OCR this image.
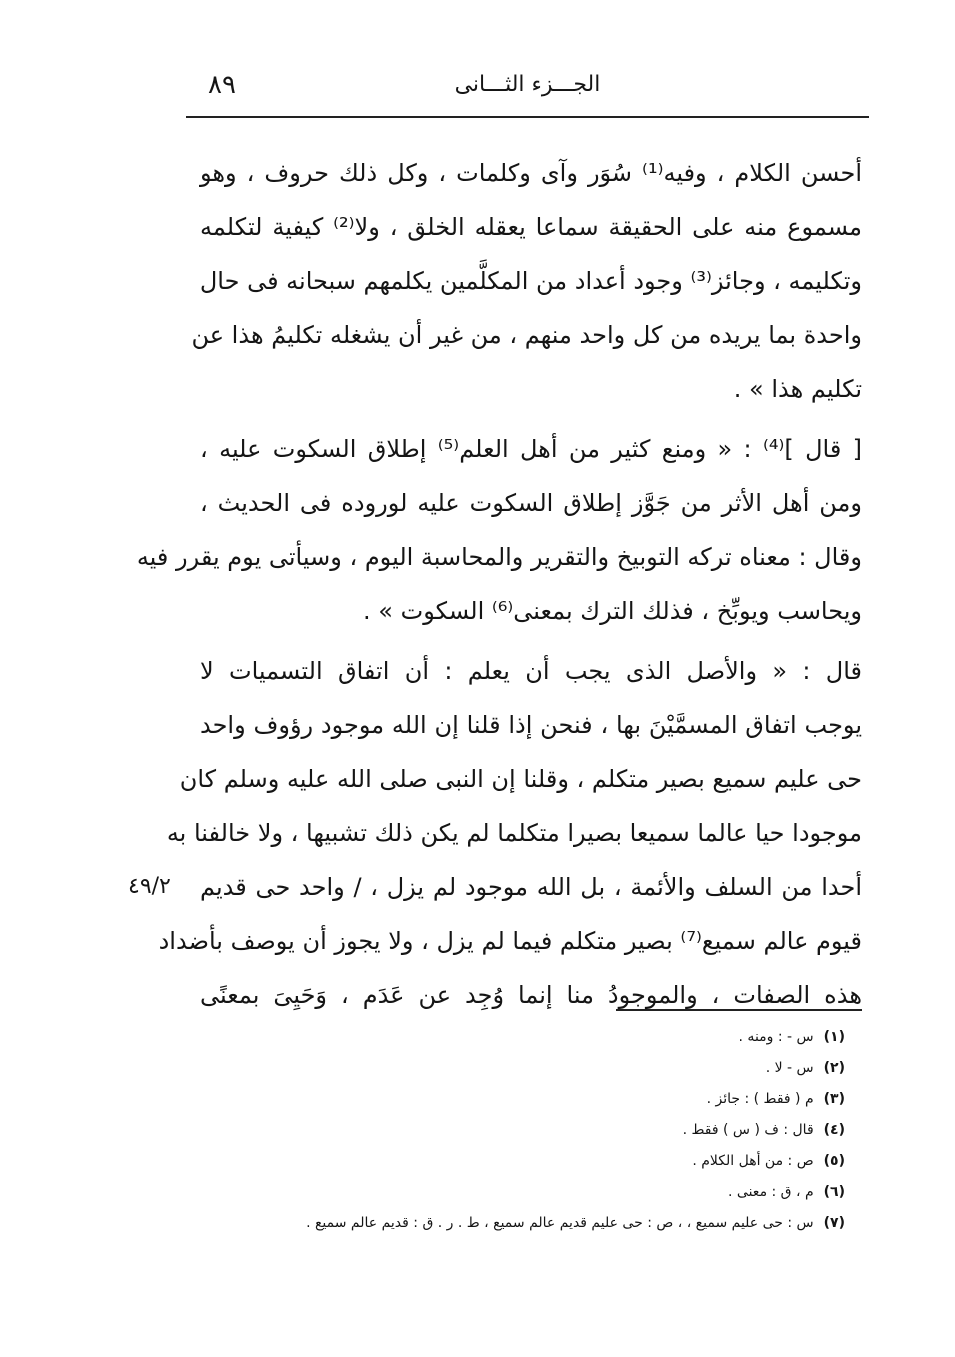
٨٩	الجـــزء الثـــانى
أحسن الكلام ، وفيه⁽¹⁾ سُوَر وآى وكلمات ، وكل ذلك حروف ، وهو
مسموع منه على الحقيقة سماعا يعقله الخلق ، ولا⁽²⁾ كيفية لتكلمه
وتكليمه ، وجائز⁽³⁾ وجود أعداد من المكلَّمين يكلمهم سبحانه فى حال
واحدة بما يريده من كل واحد منهم ، من غير أن يشغله تكليمُ هذا عن
تكليم هذا » .
[ قال ]⁽⁴⁾ : « ومنع كثير من أهل العلم⁽⁵⁾ إطلاق السكوت عليه ،
ومن أهل الأثر من جَوَّز إطلاق السكوت عليه لوروده فى الحديث ،
وقال : معناه تركه التوبيخ والتقرير والمحاسبة اليوم ، وسيأتى يوم يقرر فيه
ويحاسب ويوبِّخ ، فذلك الترك بمعنى⁽⁶⁾ السكوت » .
قال : « والأصل الذى يجب أن يعلم : أن اتفاق التسميات لا
يوجب اتفاق المسمَّيْنَ بها ، فنحن إذا قلنا إن الله موجود رؤوف واحد
حى عليم سميع بصير متكلم ، وقلنا إن النبى صلى الله عليه وسلم كان
موجودا حيا عالما سميعا بصيرا متكلما لم يكن ذلك تشبيها ، ولا خالفنا به
أحدا من السلف والأئمة ، بل الله موجود لم يزل ، / واحد حى قديم
قيوم عالم سميع⁽⁷⁾ بصير متكلم فيما لم يزل ، ولا يجوز أن يوصف بأضداد
هذه الصفات ، والموجودُ منا إنما وُجِد عن عَدَم ، وَحَيِىَ بمعنًى
٤٩/٢
(١)س - : ومنه .
(٢)س - لا .
(٣)م ( فقط ) : جائز .
(٤)قال : ف ( س ) فقط .
(٥)ص : من أهل الكلام .
(٦)م ، ق : معنى .
(٧)س : حى عليم سميع ، ، ص : حى عليم قديم عالم سميع ، ط . ر . ق : قديم عالم سميع .
